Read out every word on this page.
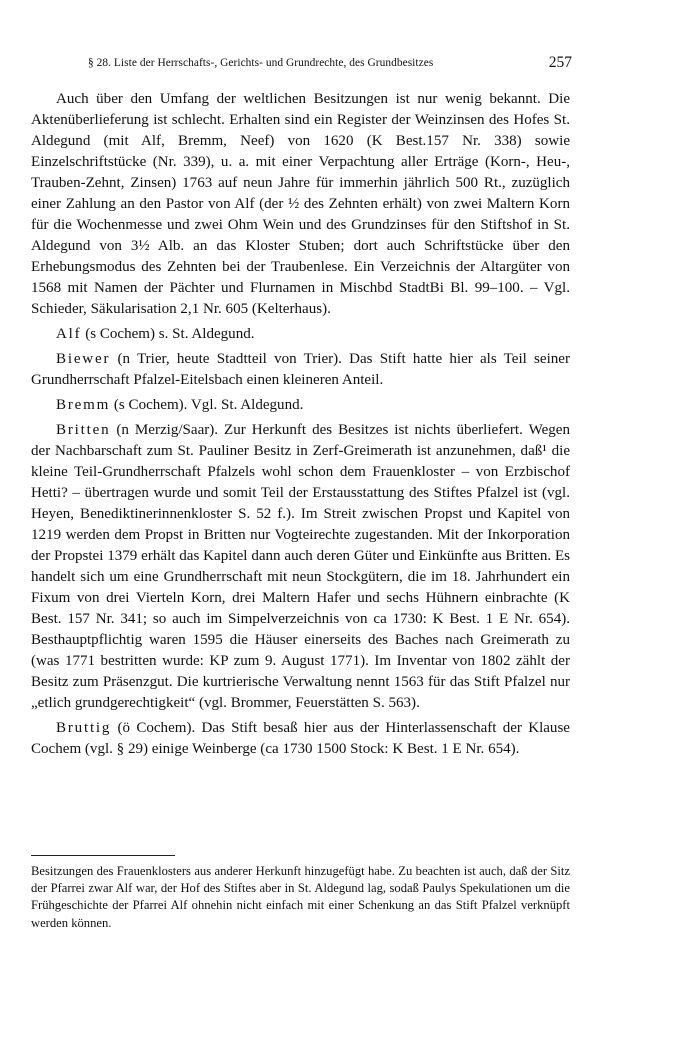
§ 28. Liste der Herrschafts-, Gerichts- und Grundrechte, des Grundbesitzes	257

Auch über den Umfang der weltlichen Besitzungen ist nur wenig bekannt. Die Aktenüberlieferung ist schlecht. Erhalten sind ein Register der Weinzinsen des Hofes St. Aldegund (mit Alf, Bremm, Neef) von 1620 (K Best.157 Nr. 338) sowie Einzelschriftstücke (Nr. 339), u. a. mit einer Verpachtung aller Erträge (Korn-, Heu-, Trauben-Zehnt, Zinsen) 1763 auf neun Jahre für immerhin jährlich 500 Rt., zuzüglich einer Zahlung an den Pastor von Alf (der ½ des Zehnten erhält) von zwei Maltern Korn für die Wochenmesse und zwei Ohm Wein und des Grundzinses für den Stiftshof in St. Aldegund von 3½ Alb. an das Kloster Stuben; dort auch Schriftstücke über den Erhebungsmodus des Zehnten bei der Traubenlese. Ein Verzeichnis der Altargüter von 1568 mit Namen der Pächter und Flurnamen in Mischbd StadtBi Bl. 99–100. – Vgl. Schieder, Säkularisation 2,1 Nr. 605 (Kelterhaus).

Alf (s Cochem) s. St. Aldegund.

Biewer (n Trier, heute Stadtteil von Trier). Das Stift hatte hier als Teil seiner Grundherrschaft Pfalzel-Eitelsbach einen kleineren Anteil.

Bremm (s Cochem). Vgl. St. Aldegund.

Britten (n Merzig/Saar). Zur Herkunft des Besitzes ist nichts überliefert. Wegen der Nachbarschaft zum St. Pauliner Besitz in Zerf-Greimerath ist anzunehmen, daß¹ die kleine Teil-Grundherrschaft Pfalzels wohl schon dem Frauenkloster – von Erzbischof Hetti? – übertragen wurde und somit Teil der Erstausstattung des Stiftes Pfalzel ist (vgl. Heyen, Benediktinerinnenkloster S. 52 f.). Im Streit zwischen Propst und Kapitel von 1219 werden dem Propst in Britten nur Vogteirechte zugestanden. Mit der Inkorporation der Propstei 1379 erhält das Kapitel dann auch deren Güter und Einkünfte aus Britten. Es handelt sich um eine Grundherrschaft mit neun Stockgütern, die im 18. Jahrhundert ein Fixum von drei Vierteln Korn, drei Maltern Hafer und sechs Hühnern einbrachte (K Best. 157 Nr. 341; so auch im Simpelverzeichnis von ca 1730: K Best. 1 E Nr. 654). Besthauptpflichtig waren 1595 die Häuser einerseits des Baches nach Greimerath zu (was 1771 bestritten wurde: KP zum 9. August 1771). Im Inventar von 1802 zählt der Besitz zum Präsenzgut. Die kurtrierische Verwaltung nennt 1563 für das Stift Pfalzel nur „etlich grundgerechtigkeit“ (vgl. Brommer, Feuerstätten S. 563).

Bruttig (ö Cochem). Das Stift besaß hier aus der Hinterlassenschaft der Klause Cochem (vgl. § 29) einige Weinberge (ca 1730 1500 Stock: K Best. 1 E Nr. 654).

Besitzungen des Frauenklosters aus anderer Herkunft hinzugefügt habe. Zu beachten ist auch, daß der Sitz der Pfarrei zwar Alf war, der Hof des Stiftes aber in St. Aldegund lag, sodaß Paulys Spekulationen um die Frühgeschichte der Pfarrei Alf ohnehin nicht einfach mit einer Schenkung an das Stift Pfalzel verknüpft werden können.
